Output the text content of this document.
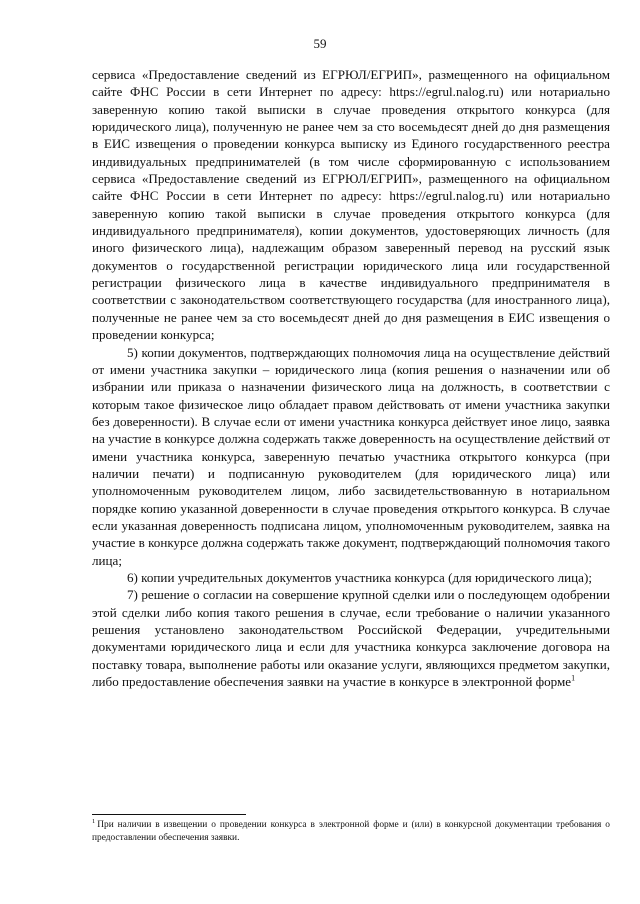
59

сервиса «Предоставление сведений из ЕГРЮЛ/ЕГРИП», размещенного на официальном сайте ФНС России в сети Интернет по адресу: https://egrul.nalog.ru) или нотариально заверенную копию такой выписки в случае проведения открытого конкурса (для юридического лица), полученную не ранее чем за сто восемьдесят дней до дня размещения в ЕИС извещения о проведении конкурса выписку из Единого государственного реестра индивидуальных предпринимателей (в том числе сформированную с использованием сервиса «Предоставление сведений из ЕГРЮЛ/ЕГРИП», размещенного на официальном сайте ФНС России в сети Интернет по адресу: https://egrul.nalog.ru) или нотариально заверенную копию такой выписки в случае проведения открытого конкурса (для индивидуального предпринимателя), копии документов, удостоверяющих личность (для иного физического лица), надлежащим образом заверенный перевод на русский язык документов о государственной регистрации юридического лица или государственной регистрации физического лица в качестве индивидуального предпринимателя в соответствии с законодательством соответствующего государства (для иностранного лица), полученные не ранее чем за сто восемьдесят дней до дня размещения в ЕИС извещения о проведении конкурса;

5) копии документов, подтверждающих полномочия лица на осуществление действий от имени участника закупки – юридического лица (копия решения о назначении или об избрании или приказа о назначении физического лица на должность, в соответствии с которым такое физическое лицо обладает правом действовать от имени участника закупки без доверенности). В случае если от имени участника конкурса действует иное лицо, заявка на участие в конкурсе должна содержать также доверенность на осуществление действий от имени участника конкурса, заверенную печатью участника открытого конкурса (при наличии печати) и подписанную руководителем (для юридического лица) или уполномоченным руководителем лицом, либо засвидетельствованную в нотариальном порядке копию указанной доверенности в случае проведения открытого конкурса. В случае если указанная доверенность подписана лицом, уполномоченным руководителем, заявка на участие в конкурсе должна содержать также документ, подтверждающий полномочия такого лица;

6) копии учредительных документов участника конкурса (для юридического лица);

7) решение о согласии на совершение крупной сделки или о последующем одобрении этой сделки либо копия такого решения в случае, если требование о наличии указанного решения установлено законодательством Российской Федерации, учредительными документами юридического лица и если для участника конкурса заключение договора на поставку товара, выполнение работы или оказание услуги, являющихся предметом закупки, либо предоставление обеспечения заявки на участие в конкурсе в электронной форме$^1$

$^1$ При наличии в извещении о проведении конкурса в электронной форме и (или) в конкурсной документации требования о предоставлении обеспечения заявки.
